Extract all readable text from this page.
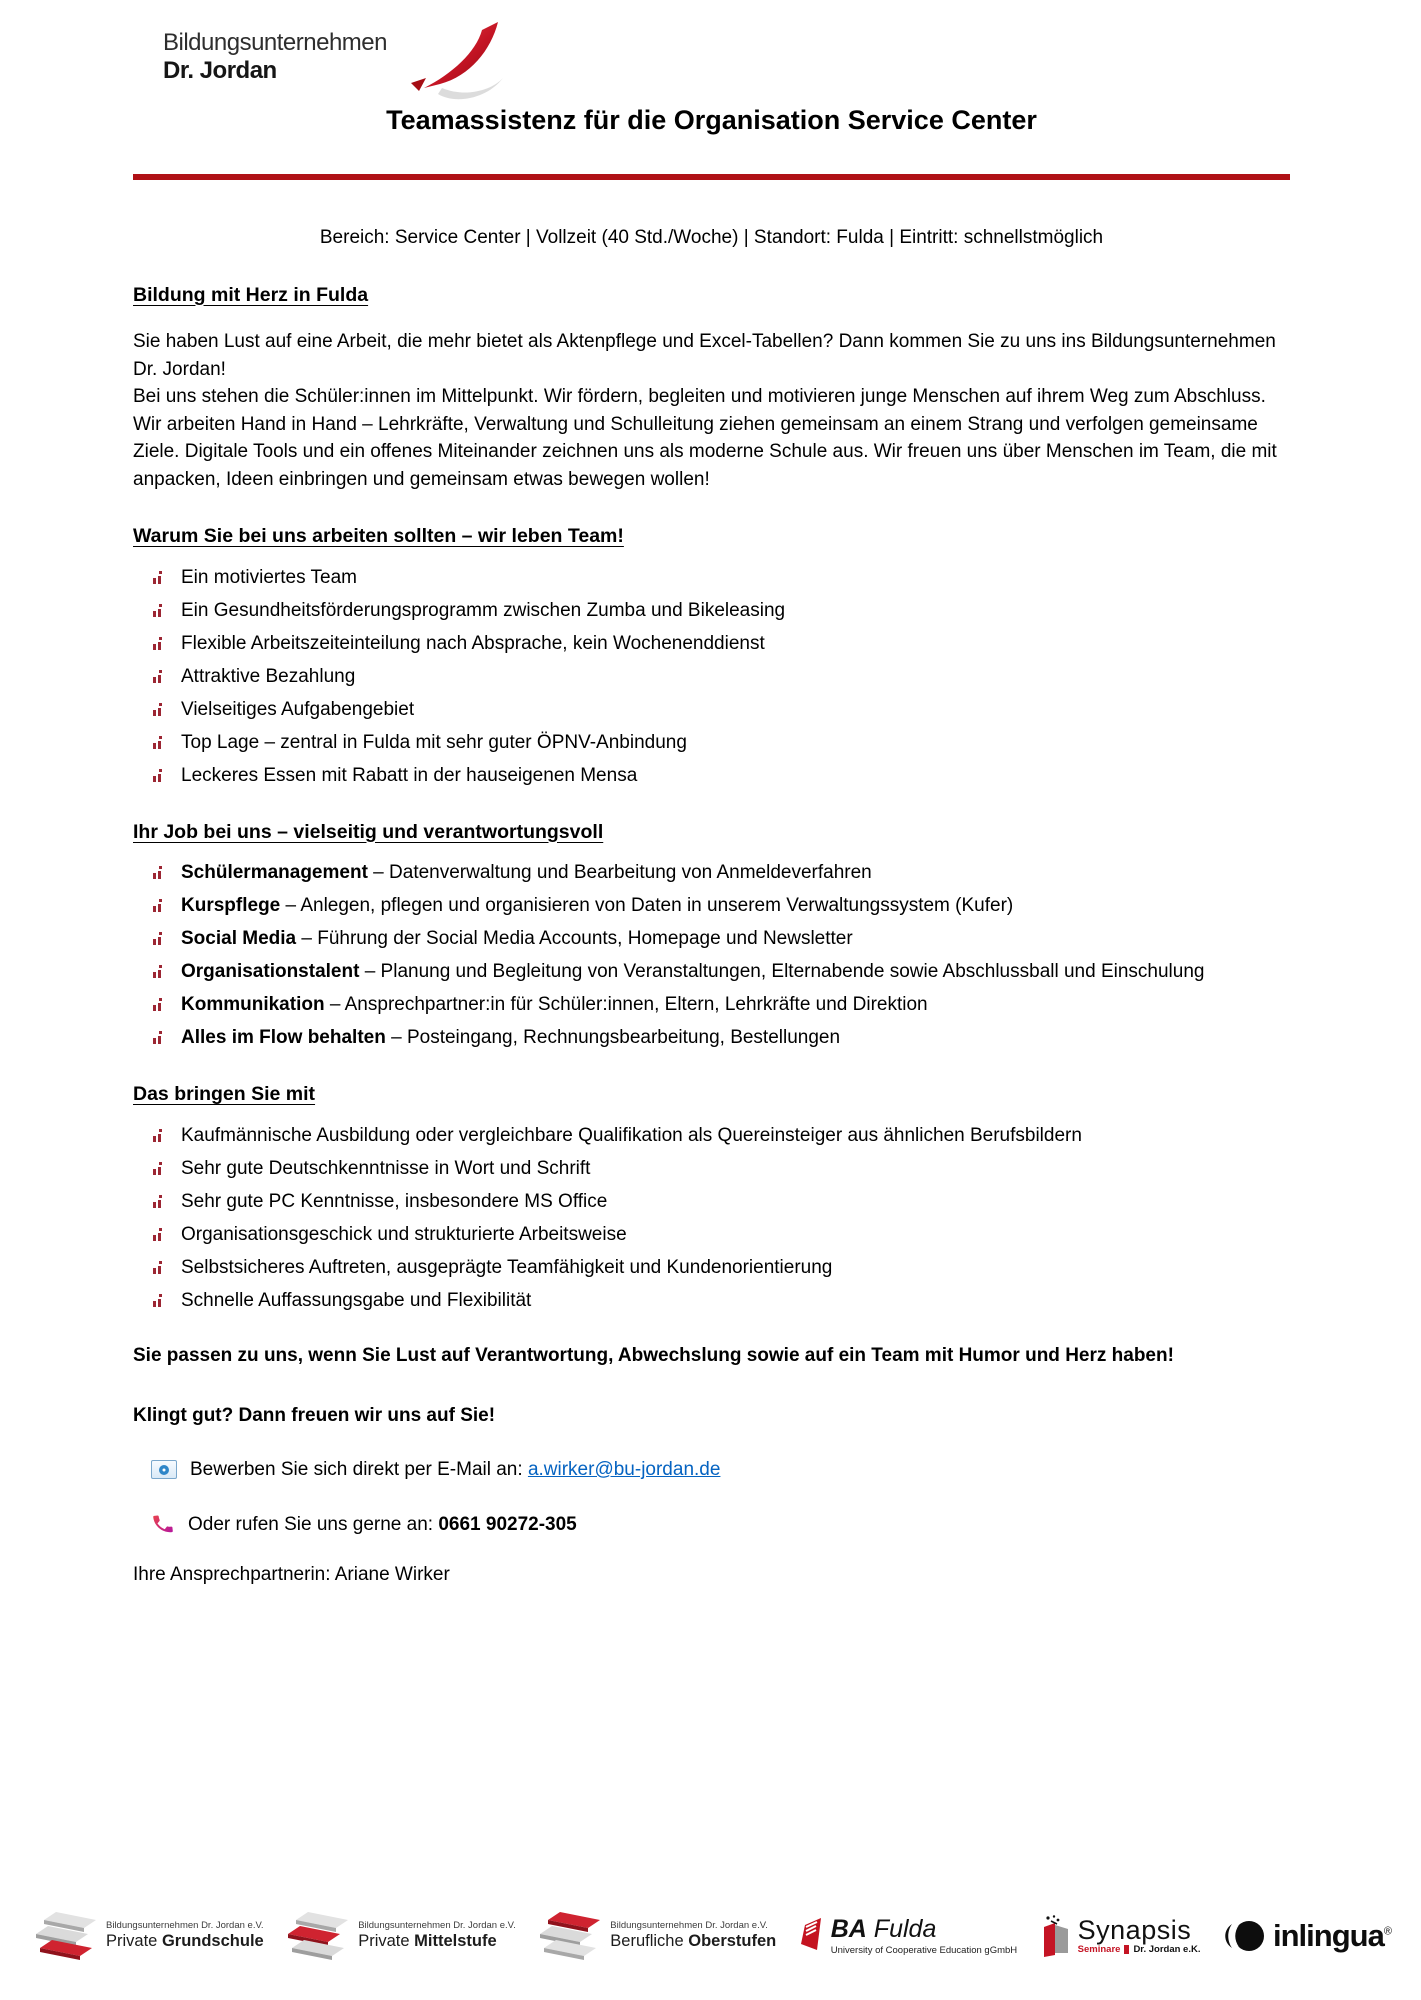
Bildungsunternehmen
Dr. Jordan
Teamassistenz für die Organisation Service Center
Bereich: Service Center | Vollzeit (40 Std./Woche) | Standort: Fulda | Eintritt: schnellstmöglich
Bildung mit Herz in Fulda
Sie haben Lust auf eine Arbeit, die mehr bietet als Aktenpflege und Excel-Tabellen? Dann kommen Sie zu uns ins Bildungsunternehmen Dr. Jordan!
Bei uns stehen die Schüler:innen im Mittelpunkt. Wir fördern, begleiten und motivieren junge Menschen auf ihrem Weg zum Abschluss.
Wir arbeiten Hand in Hand – Lehrkräfte, Verwaltung und Schulleitung ziehen gemeinsam an einem Strang und verfolgen gemeinsame Ziele. Digitale Tools und ein offenes Miteinander zeichnen uns als moderne Schule aus. Wir freuen uns über Menschen im Team, die mit anpacken, Ideen einbringen und gemeinsam etwas bewegen wollen!
Warum Sie bei uns arbeiten sollten – wir leben Team!
Ein motiviertes Team
Ein Gesundheitsförderungsprogramm zwischen Zumba und Bikeleasing
Flexible Arbeitszeiteinteilung nach Absprache, kein Wochenenddienst
Attraktive Bezahlung
Vielseitiges Aufgabengebiet
Top Lage – zentral in Fulda mit sehr guter ÖPNV-Anbindung
Leckeres Essen mit Rabatt in der hauseigenen Mensa
Ihr Job bei uns – vielseitig und verantwortungsvoll
Schülermanagement – Datenverwaltung und Bearbeitung von Anmeldeverfahren
Kurspflege – Anlegen, pflegen und organisieren von Daten in unserem Verwaltungssystem (Kufer)
Social Media – Führung der Social Media Accounts, Homepage und Newsletter
Organisationstalent – Planung und Begleitung von Veranstaltungen, Elternabende sowie Abschlussball und Einschulung
Kommunikation – Ansprechpartner:in für Schüler:innen, Eltern, Lehrkräfte und Direktion
Alles im Flow behalten – Posteingang, Rechnungsbearbeitung, Bestellungen
Das bringen Sie mit
Kaufmännische Ausbildung oder vergleichbare Qualifikation als Quereinsteiger aus ähnlichen Berufsbildern
Sehr gute Deutschkenntnisse in Wort und Schrift
Sehr gute PC Kenntnisse, insbesondere MS Office
Organisationsgeschick und strukturierte Arbeitsweise
Selbstsicheres Auftreten, ausgeprägte Teamfähigkeit und Kundenorientierung
Schnelle Auffassungsgabe und Flexibilität
Sie passen zu uns, wenn Sie Lust auf Verantwortung, Abwechslung sowie auf ein Team mit Humor und Herz haben!
Klingt gut? Dann freuen wir uns auf Sie!
Bewerben Sie sich direkt per E-Mail an: a.wirker@bu-jordan.de
Oder rufen Sie uns gerne an: 0661 90272-305
Ihre Ansprechpartnerin: Ariane Wirker
Bildungsunternehmen Dr. Jordan e.V.
Private Grundschule
Bildungsunternehmen Dr. Jordan e.V.
Private Mittelstufe
Bildungsunternehmen Dr. Jordan e.V.
Berufliche Oberstufen BA Fulda
University of Cooperative Education gGmbH
Synapsis
Seminare Dr. Jordan e.K. inlingua®
